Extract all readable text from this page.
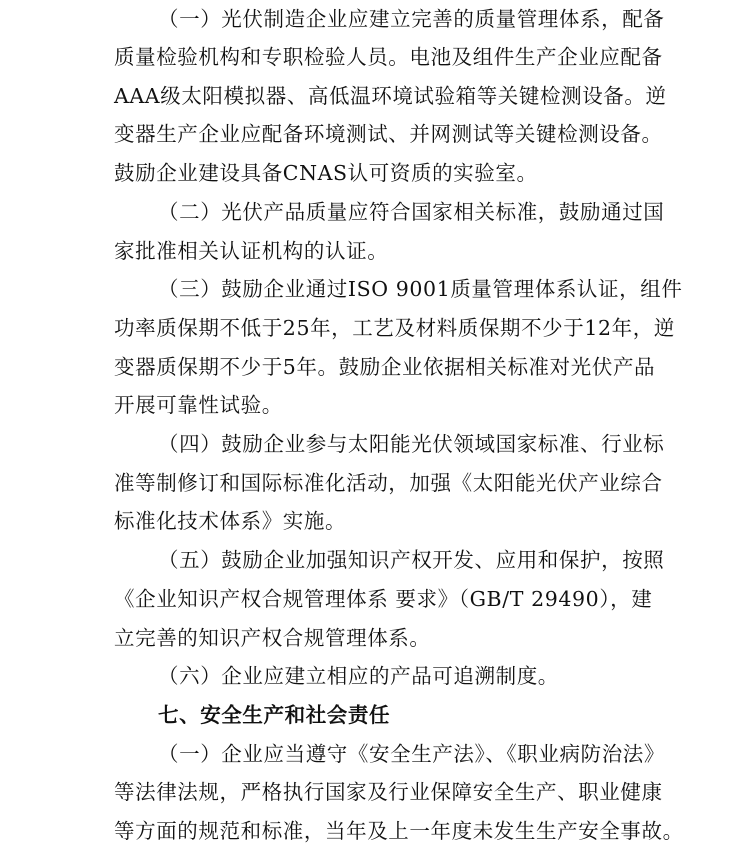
（一）光伏制造企业应建立完善的质量管理体系，配备
质量检验机构和专职检验人员。电池及组件生产企业应配备
AAA级太阳模拟器、高低温环境试验箱等关键检测设备。逆
变器生产企业应配备环境测试、并网测试等关键检测设备。
鼓励企业建设具备CNAS认可资质的实验室。
（二）光伏产品质量应符合国家相关标准，鼓励通过国
家批准相关认证机构的认证。
（三）鼓励企业通过ISO 9001质量管理体系认证，组件
功率质保期不低于25年，工艺及材料质保期不少于12年，逆
变器质保期不少于5年。鼓励企业依据相关标准对光伏产品
开展可靠性试验。
（四）鼓励企业参与太阳能光伏领域国家标准、行业标
准等制修订和国际标准化活动，加强《太阳能光伏产业综合
标准化技术体系》实施。
（五）鼓励企业加强知识产权开发、应用和保护，按照
《企业知识产权合规管理体系 要求》（GB/T 29490），建
立完善的知识产权合规管理体系。
（六）企业应建立相应的产品可追溯制度。
七、安全生产和社会责任
（一）企业应当遵守《安全生产法》、《职业病防治法》
等法律法规，严格执行国家及行业保障安全生产、职业健康
等方面的规范和标准，当年及上一年度未发生生产安全事故。
